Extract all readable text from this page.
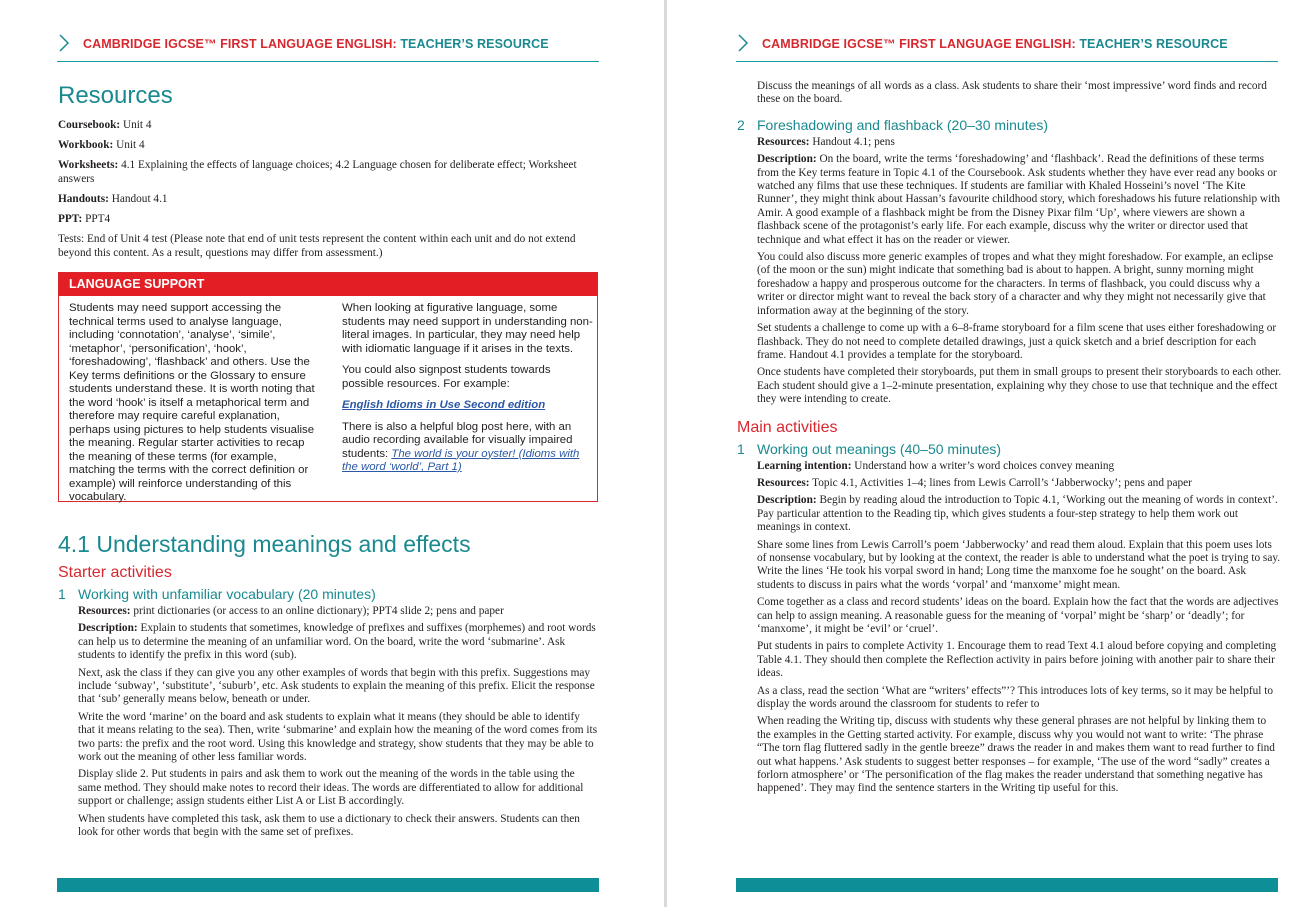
CAMBRIDGE IGCSE™ FIRST LANGUAGE ENGLISH: TEACHER’S RESOURCE
Resources
Coursebook: Unit 4
Workbook: Unit 4
Worksheets: 4.1 Explaining the effects of language choices; 4.2 Language chosen for deliberate effect; Worksheet answers
Handouts: Handout 4.1
PPT: PPT4
Tests: End of Unit 4 test (Please note that end of unit tests represent the content within each unit and do not extend beyond this content. As a result, questions may differ from assessment.)
LANGUAGE SUPPORT

Students may need support accessing the technical terms used to analyse language, including ‘connotation’, ‘analyse’, ‘simile’, ‘metaphor’, ‘personification’, ‘hook’, ‘foreshadowing’, ‘flashback’ and others. Use the Key terms definitions or the Glossary to ensure students understand these. It is worth noting that the word ‘hook’ is itself a metaphorical term and therefore may require careful explanation, perhaps using pictures to help students visualise the meaning. Regular starter activities to recap the meaning of these terms (for example, matching the terms with the correct definition or example) will reinforce understanding of this vocabulary.

When looking at figurative language, some students may need support in understanding non-literal images. In particular, they may need help with idiomatic language if it arises in the texts.

You could also signpost students towards possible resources. For example:

English Idioms in Use Second edition

There is also a helpful blog post here, with an audio recording available for visually impaired students: The world is your oyster! (Idioms with the word ‘world’, Part 1)

4.1 Understanding meanings and effects
Starter activities
1 Working with unfamiliar vocabulary (20 minutes)

Resources: print dictionaries (or access to an online dictionary); PPT4 slide 2; pens and paper

Description: Explain to students that sometimes, knowledge of prefixes and suffixes (morphemes) and root words can help us to determine the meaning of an unfamiliar word. On the board, write the word ‘submarine’. Ask students to identify the prefix in this word (sub).

Next, ask the class if they can give you any other examples of words that begin with this prefix. Suggestions may include ‘subway’, ‘substitute’, ‘suburb’, etc. Ask students to explain the meaning of this prefix. Elicit the response that ‘sub’ generally means below, beneath or under.

Write the word ‘marine’ on the board and ask students to explain what it means (they should be able to identify that it means relating to the sea). Then, write ‘submarine’ and explain how the meaning of the word comes from its two parts: the prefix and the root word. Using this knowledge and strategy, show students that they may be able to work out the meaning of other less familiar words.

Display slide 2. Put students in pairs and ask them to work out the meaning of the words in the table using the same method. They should make notes to record their ideas. The words are differentiated to allow for additional support or challenge; assign students either List A or List B accordingly.

When students have completed this task, ask them to use a dictionary to check their answers. Students can then look for other words that begin with the same set of prefixes.

CAMBRIDGE IGCSE™ FIRST LANGUAGE ENGLISH: TEACHER’S RESOURCE

Discuss the meanings of all words as a class. Ask students to share their ‘most impressive’ word finds and record these on the board.

2 Foreshadowing and flashback (20–30 minutes)

Resources: Handout 4.1; pens

Description: On the board, write the terms ‘foreshadowing’ and ‘flashback’. Read the definitions of these terms from the Key terms feature in Topic 4.1 of the Coursebook. Ask students whether they have ever read any books or watched any films that use these techniques. If students are familiar with Khaled Hosseini’s novel ‘The Kite Runner’, they might think about Hassan’s favourite childhood story, which foreshadows his future relationship with Amir. A good example of a flashback might be from the Disney Pixar film ‘Up’, where viewers are shown a flashback scene of the protagonist’s early life. For each example, discuss why the writer or director used that technique and what effect it has on the reader or viewer.

You could also discuss more generic examples of tropes and what they might foreshadow. For example, an eclipse (of the moon or the sun) might indicate that something bad is about to happen. A bright, sunny morning might foreshadow a happy and prosperous outcome for the characters. In terms of flashback, you could discuss why a writer or director might want to reveal the back story of a character and why they might not necessarily give that information away at the beginning of the story.

Set students a challenge to come up with a 6–8-frame storyboard for a film scene that uses either foreshadowing or flashback. They do not need to complete detailed drawings, just a quick sketch and a brief description for each frame. Handout 4.1 provides a template for the storyboard.

Once students have completed their storyboards, put them in small groups to present their storyboards to each other. Each student should give a 1–2-minute presentation, explaining why they chose to use that technique and the effect they were intending to create.

Main activities
1 Working out meanings (40–50 minutes)

Learning intention: Understand how a writer’s word choices convey meaning

Resources: Topic 4.1, Activities 1–4; lines from Lewis Carroll’s ‘Jabberwocky’; pens and paper

Description: Begin by reading aloud the introduction to Topic 4.1, ‘Working out the meaning of words in context’. Pay particular attention to the Reading tip, which gives students a four-step strategy to help them work out meanings in context.

Share some lines from Lewis Carroll’s poem ‘Jabberwocky’ and read them aloud. Explain that this poem uses lots of nonsense vocabulary, but by looking at the context, the reader is able to understand what the poet is trying to say. Write the lines ‘He took his vorpal sword in hand; Long time the manxome foe he sought’ on the board. Ask students to discuss in pairs what the words ‘vorpal’ and ‘manxome’ might mean.

Come together as a class and record students’ ideas on the board. Explain how the fact that the words are adjectives can help to assign meaning. A reasonable guess for the meaning of ‘vorpal’ might be ‘sharp’ or ‘deadly’; for ‘manxome’, it might be ‘evil’ or ‘cruel’.

Put students in pairs to complete Activity 1. Encourage them to read Text 4.1 aloud before copying and completing Table 4.1. They should then complete the Reflection activity in pairs before joining with another pair to share their ideas.

As a class, read the section ‘What are “writers’ effects”’? This introduces lots of key terms, so it may be helpful to display the words around the classroom for students to refer to

When reading the Writing tip, discuss with students why these general phrases are not helpful by linking them to the examples in the Getting started activity. For example, discuss why you would not want to write: ‘The phrase “The torn flag fluttered sadly in the gentle breeze” draws the reader in and makes them want to read further to find out what happens.’ Ask students to suggest better responses – for example, ‘The use of the word “sadly” creates a forlorn atmosphere’ or ‘The personification of the flag makes the reader understand that something negative has happened’. They may find the sentence starters in the Writing tip useful for this.
